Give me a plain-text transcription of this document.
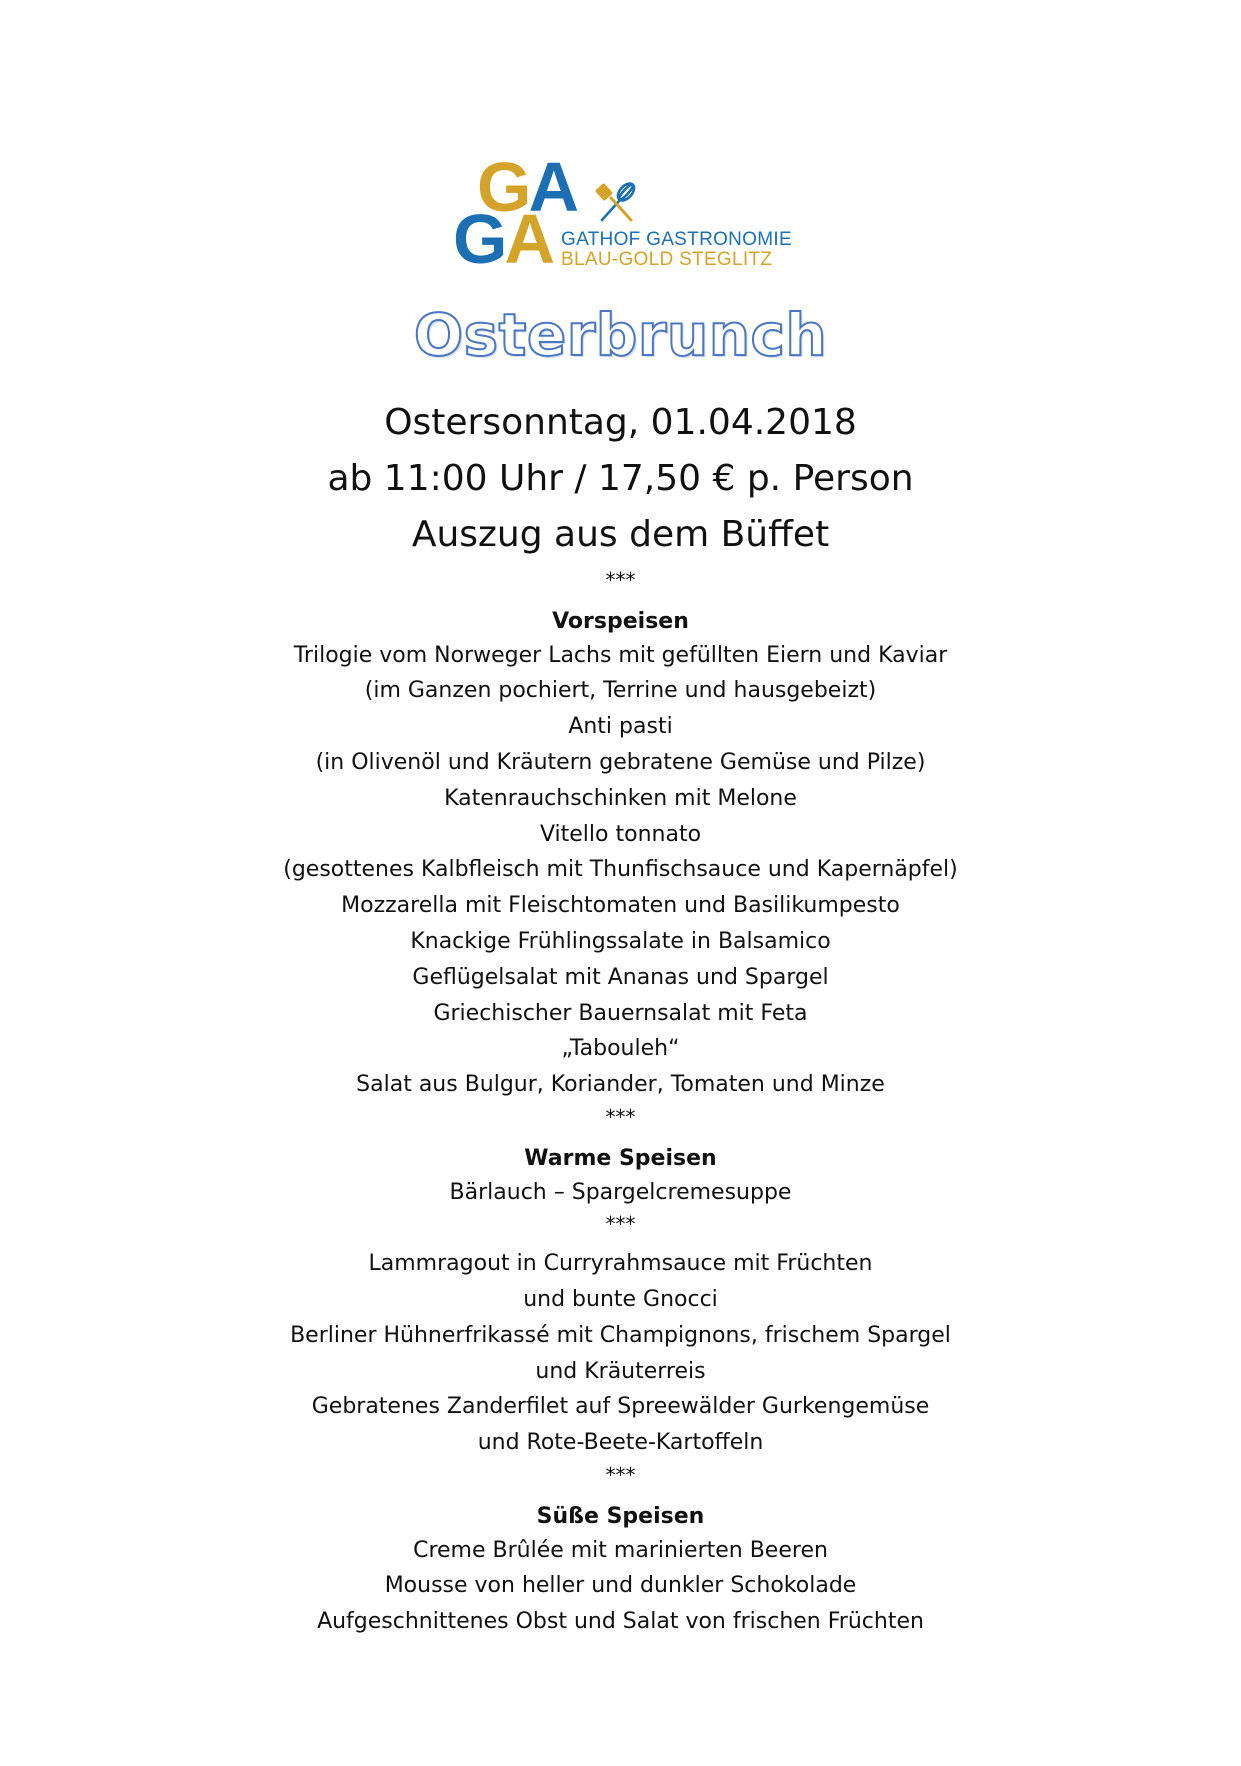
GA
GA GATHOF GASTRONOMIE
BLAU-GOLD STEGLITZ
Osterbrunch
Ostersonntag, 01.04.2018
ab 11:00 Uhr / 17,50 € p. Person
Auszug aus dem Büffet
***
Vorspeisen
Trilogie vom Norweger Lachs mit gefüllten Eiern und Kaviar
(im Ganzen pochiert, Terrine und hausgebeizt)
Anti pasti
(in Olivenöl und Kräutern gebratene Gemüse und Pilze)
Katenrauchschinken mit Melone
Vitello tonnato
(gesottenes Kalbfleisch mit Thunfischsauce und Kapernäpfel)
Mozzarella mit Fleischtomaten und Basilikumpesto
Knackige Frühlingssalate in Balsamico
Geflügelsalat mit Ananas und Spargel
Griechischer Bauernsalat mit Feta
„Tabouleh“
Salat aus Bulgur, Koriander, Tomaten und Minze
***
Warme Speisen
Bärlauch – Spargelcremesuppe
***
Lammragout in Curryrahmsauce mit Früchten
und bunte Gnocci
Berliner Hühnerfrikassé mit Champignons, frischem Spargel
und Kräuterreis
Gebratenes Zanderfilet auf Spreewälder Gurkengemüse
und Rote-Beete-Kartoffeln
***
Süße Speisen
Creme Brûlée mit marinierten Beeren
Mousse von heller und dunkler Schokolade
Aufgeschnittenes Obst und Salat von frischen Früchten
